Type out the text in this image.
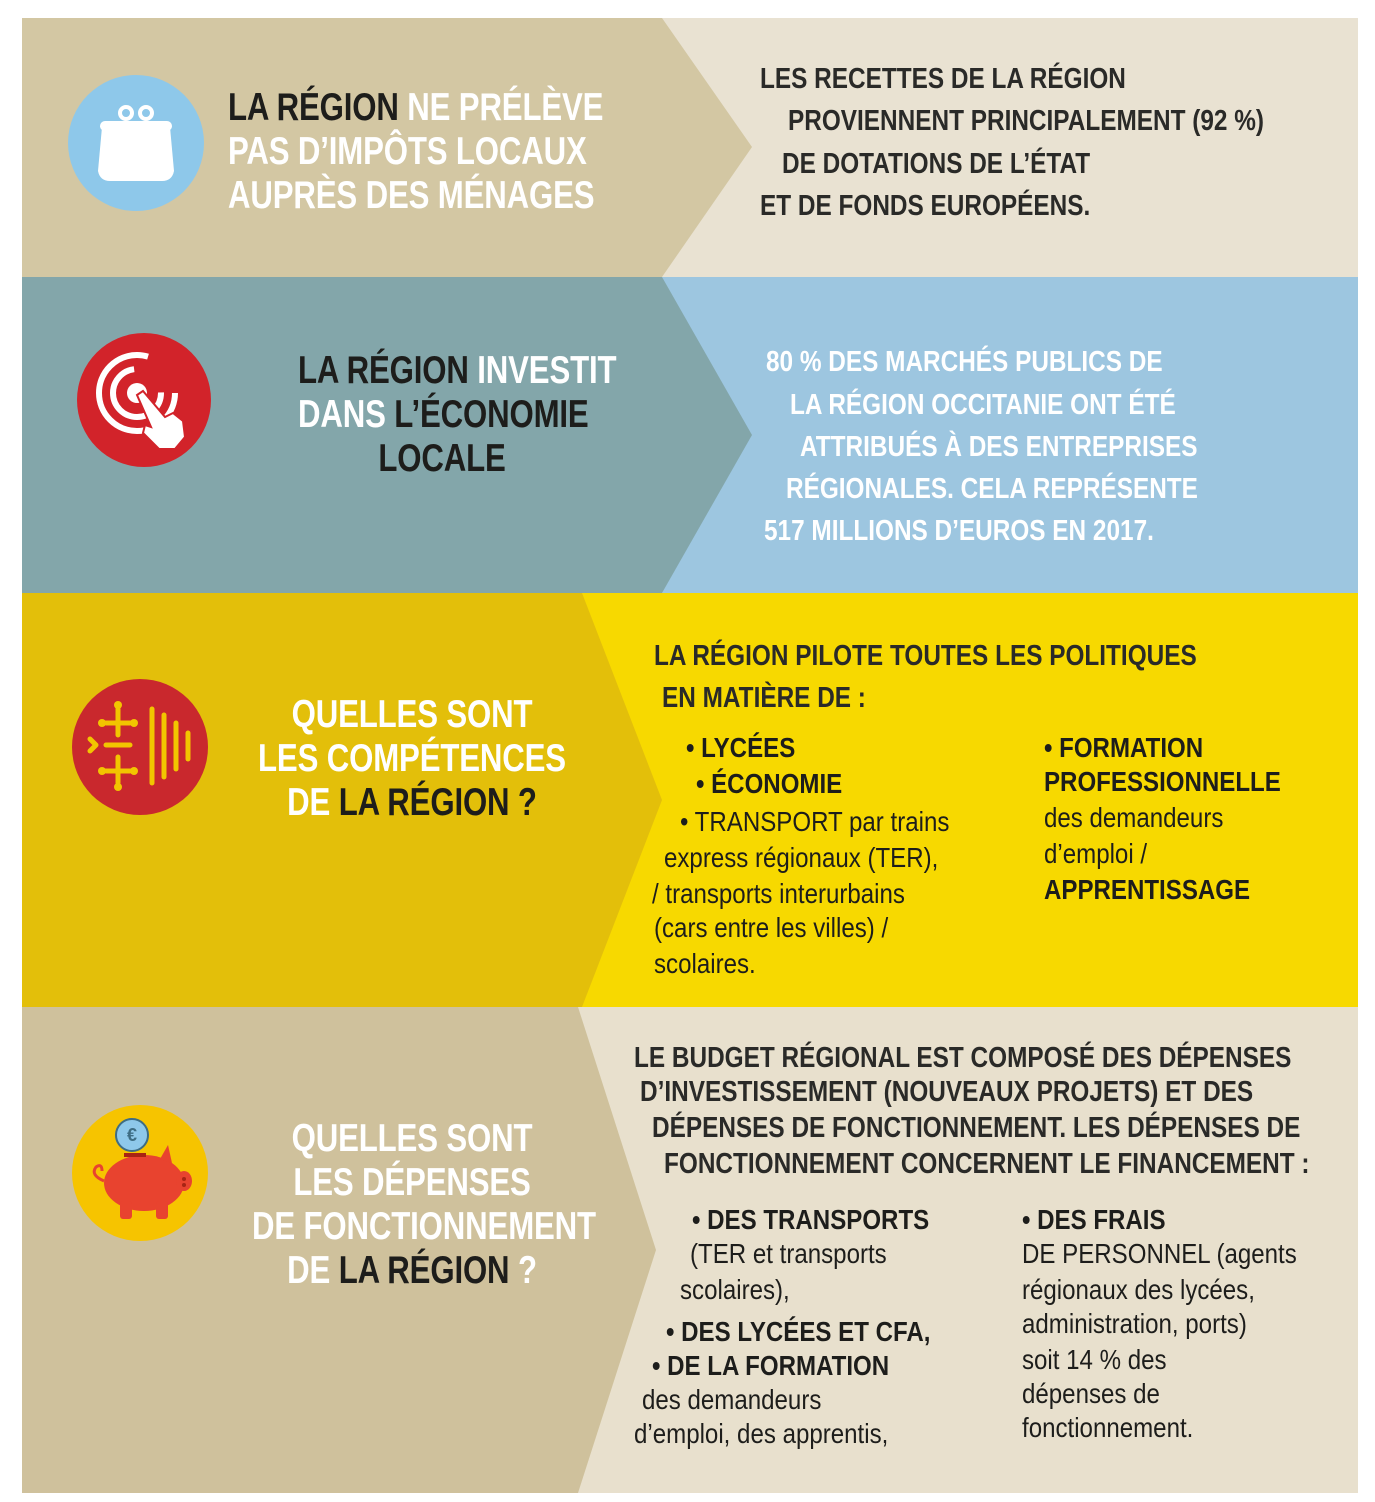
LA RÉGION NE PRÉLÈVE
PAS D’IMPÔTS LOCAUX
AUPRÈS DES MÉNAGES
LES RECETTES DE LA RÉGION
PROVIENNENT PRINCIPALEMENT (92 %)
DE DOTATIONS DE L’ÉTAT
ET DE FONDS EUROPÉENS.
LA RÉGION INVESTIT
DANS L’ÉCONOMIE
LOCALE
80 % DES MARCHÉS PUBLICS DE
LA RÉGION OCCITANIE ONT ÉTÉ
ATTRIBUÉS À DES ENTREPRISES
RÉGIONALES. CELA REPRÉSENTE
517 MILLIONS D’EUROS EN 2017.
QUELLES SONT
LES COMPÉTENCES
DE LA RÉGION ?
LA RÉGION PILOTE TOUTES LES POLITIQUES
EN MATIÈRE DE :
• LYCÉES
• ÉCONOMIE
• TRANSPORT par trains
express régionaux (TER),
/ transports interurbains
(cars entre les villes) /
scolaires.
• FORMATION
PROFESSIONNELLE
des demandeurs
d’emploi /
APPRENTISSAGE
€	QUELLES SONT
LES DÉPENSES
DE FONCTIONNEMENT
DE LA RÉGION ?
LE BUDGET RÉGIONAL EST COMPOSÉ DES DÉPENSES
D’INVESTISSEMENT (NOUVEAUX PROJETS) ET DES
DÉPENSES DE FONCTIONNEMENT. LES DÉPENSES DE
FONCTIONNEMENT CONCERNENT LE FINANCEMENT :
• DES TRANSPORTS
(TER et transports
scolaires),
• DES LYCÉES ET CFA,
• DE LA FORMATION
des demandeurs
d’emploi, des apprentis,
• DES FRAIS
DE PERSONNEL (agents
régionaux des lycées,
administration, ports)
soit 14 % des
dépenses de
fonctionnement.
